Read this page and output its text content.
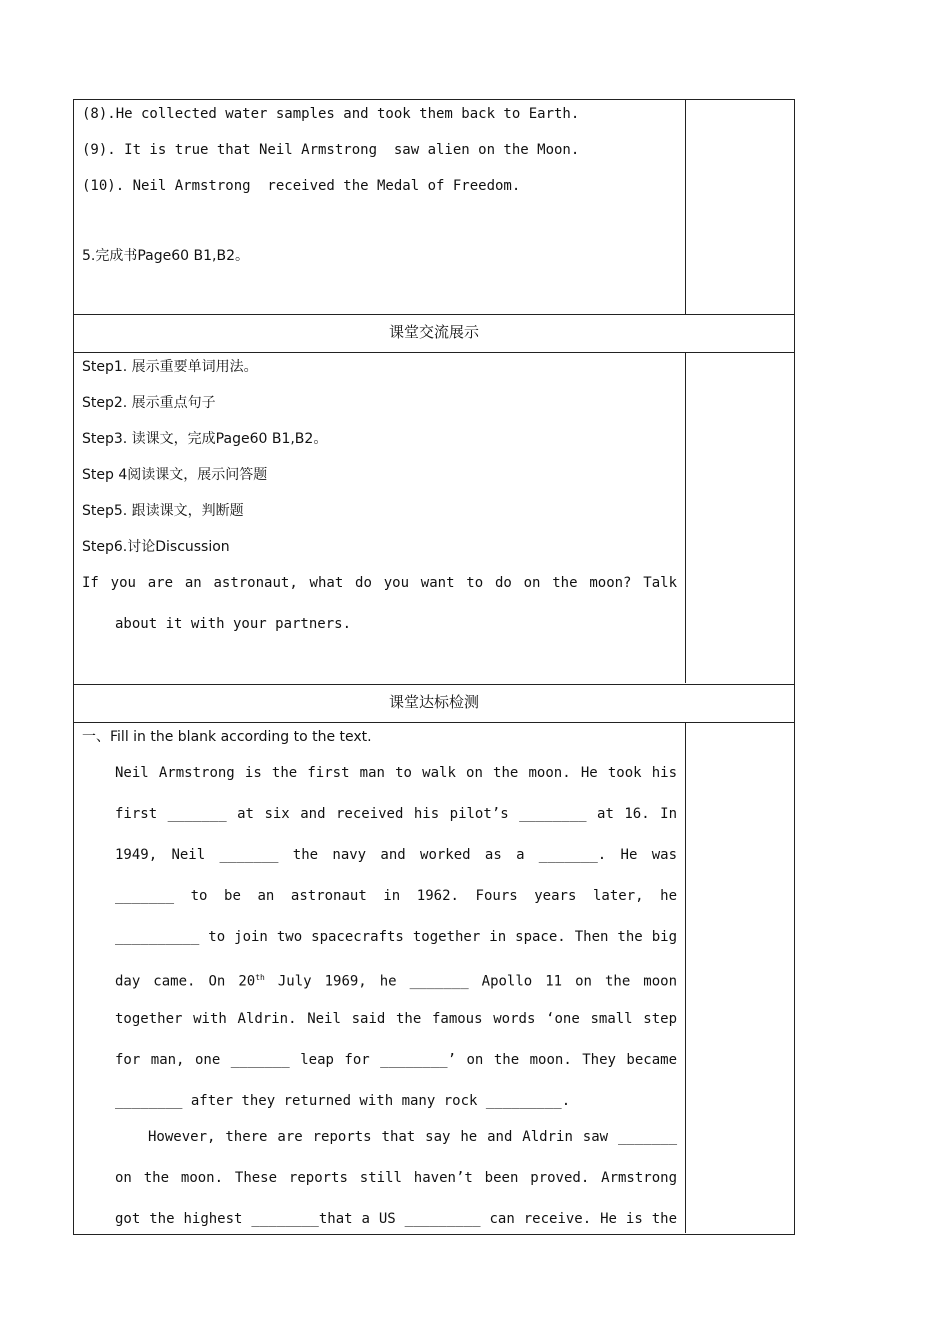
(8).He collected water samples and took them back to Earth.
(9). It is true that Neil Armstrong  saw alien on the Moon.
(10). Neil Armstrong  received the Medal of Freedom.
5.完成书Page60 B1,B2。
课堂交流展示
Step1. 展示重要单词用法。
Step2. 展示重点句子
Step3. 读课文，完成Page60 B1,B2。
Step 4阅读课文，展示问答题
Step5. 跟读课文，判断题
Step6.讨论Discussion
If you are an astronaut, what do you want to do on the moon? Talk
about it with your partners.
课堂达标检测
一、Fill in the blank according to the text.
Neil Armstrong is the first man to walk on the moon. He took his
first _______ at six and received his pilot’s ________ at 16. In
1949, Neil _______ the navy and worked as a _______. He was
_______ to be an astronaut in 1962. Fours years later, he
__________ to join two spacecrafts together in space. Then the big
day came. On 20th July 1969, he _______ Apollo 11 on the moon
together with Aldrin. Neil said the famous words ‘one small step
for man, one _______ leap for ________’ on the moon. They became
________ after they returned with many rock _________.
However, there are reports that say he and Aldrin saw _______
on the moon. These reports still haven’t been proved. Armstrong
got the highest ________that a US _________ can receive. He is the
